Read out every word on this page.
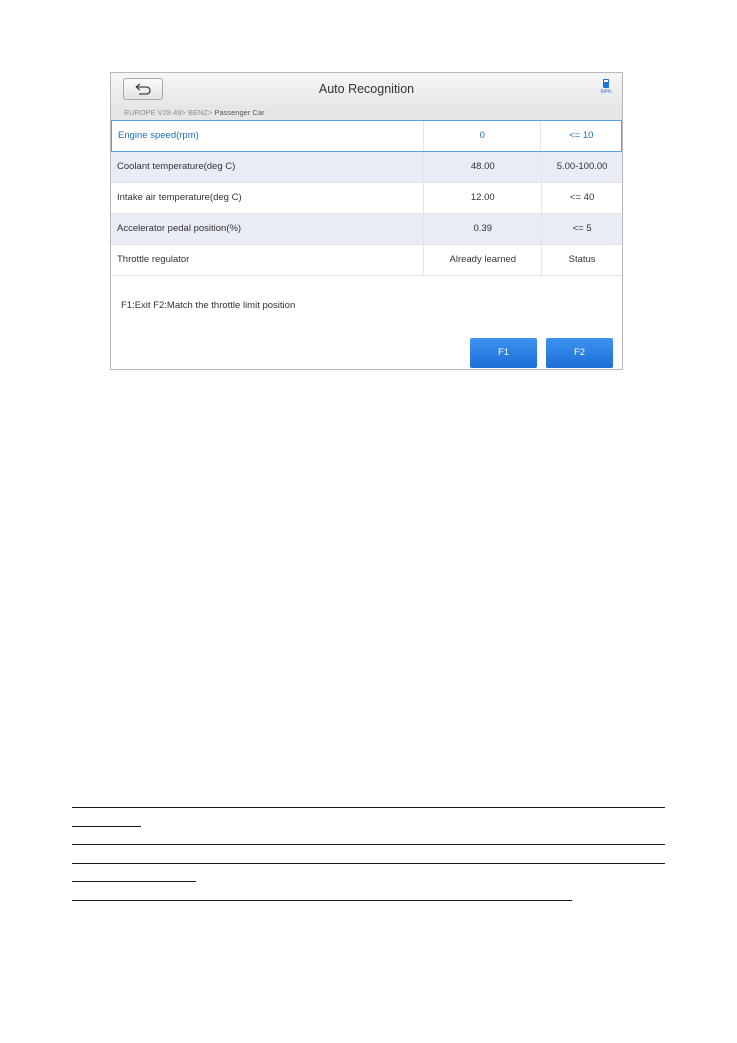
Auto Recognition	64%
EUROPE V28.49> BENZ> Passenger Car
Engine speed(rpm)	0	<= 10
Coolant temperature(deg C)	48.00	5.00-100.00
Intake air temperature(deg C)	12.00	<= 40
Accelerator pedal position(%)	0.39	<= 5
Throttle regulator	Already learned	Status
F1:Exit F2:Match the throttle limit position
F1	F2
